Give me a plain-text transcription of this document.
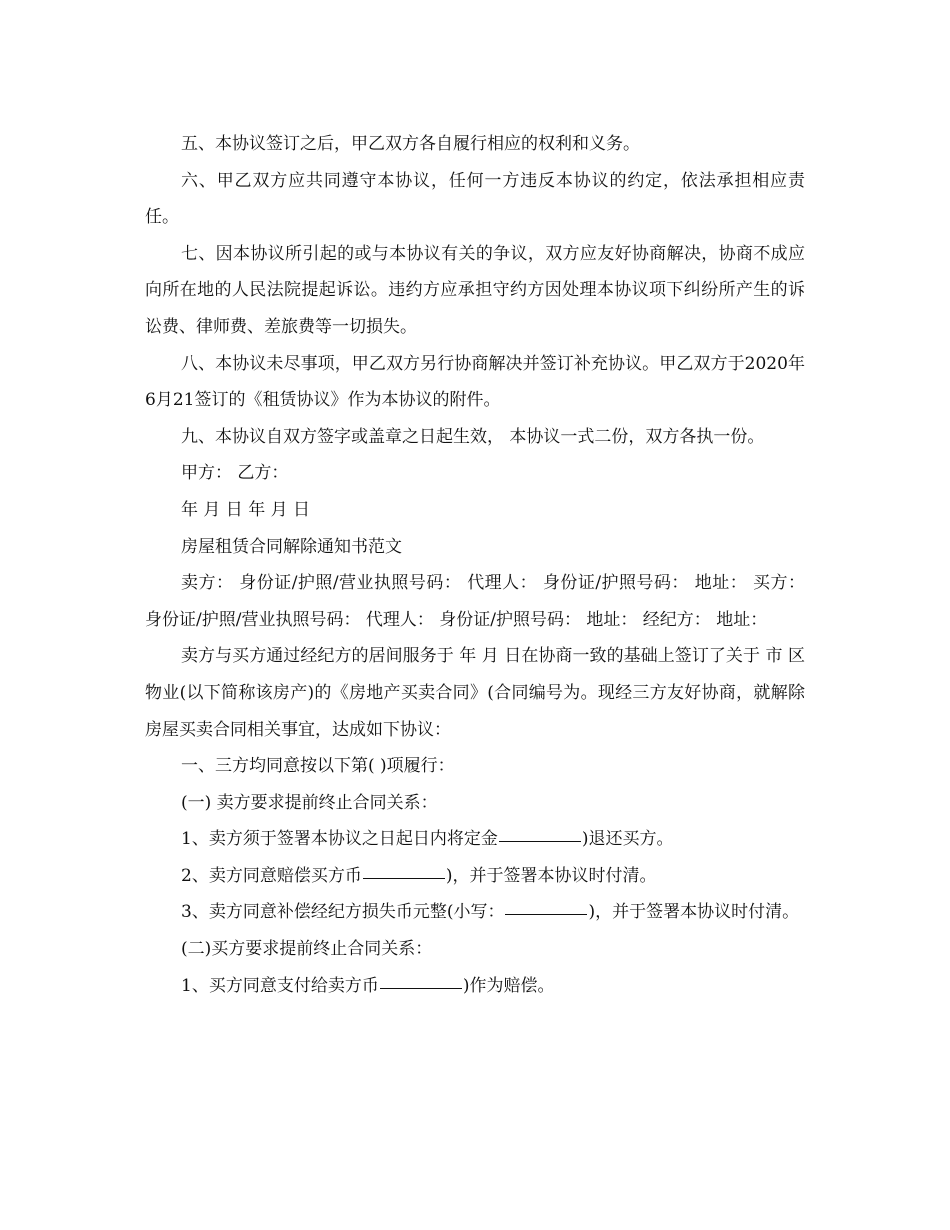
五、本协议签订之后，甲乙双方各自履行相应的权利和义务。

六、甲乙双方应共同遵守本协议，任何一方违反本协议的约定，依法承担相应责任。

七、因本协议所引起的或与本协议有关的争议，双方应友好协商解决，协商不成应向所在地的人民法院提起诉讼。违约方应承担守约方因处理本协议项下纠纷所产生的诉讼费、律师费、差旅费等一切损失。

八、本协议未尽事项，甲乙双方另行协商解决并签订补充协议。甲乙双方于2020年6月21签订的《租赁协议》作为本协议的附件。

九、本协议自双方签字或盖章之日起生效， 本协议一式二份，双方各执一份。

甲方： 乙方：

年 月 日 年 月 日

房屋租赁合同解除通知书范文

卖方： 身份证/护照/营业执照号码： 代理人： 身份证/护照号码： 地址： 买方： 身份证/护照/营业执照号码： 代理人： 身份证/护照号码： 地址： 经纪方： 地址：

卖方与买方通过经纪方的居间服务于 年 月 日在协商一致的基础上签订了关于 市 区 物业(以下简称该房产)的《房地产买卖合同》(合同编号为。现经三方友好协商，就解除房屋买卖合同相关事宜，达成如下协议：

一、三方均同意按以下第( )项履行：

(一) 卖方要求提前终止合同关系：

1、卖方须于签署本协议之日起日内将定金	)退还买方。

2、卖方同意赔偿买方币	)，并于签署本协议时付清。

3、卖方同意补偿经纪方损失币元整(小写：	)，并于签署本协议时付清。

(二)买方要求提前终止合同关系：

1、买方同意支付给卖方币	)作为赔偿。
